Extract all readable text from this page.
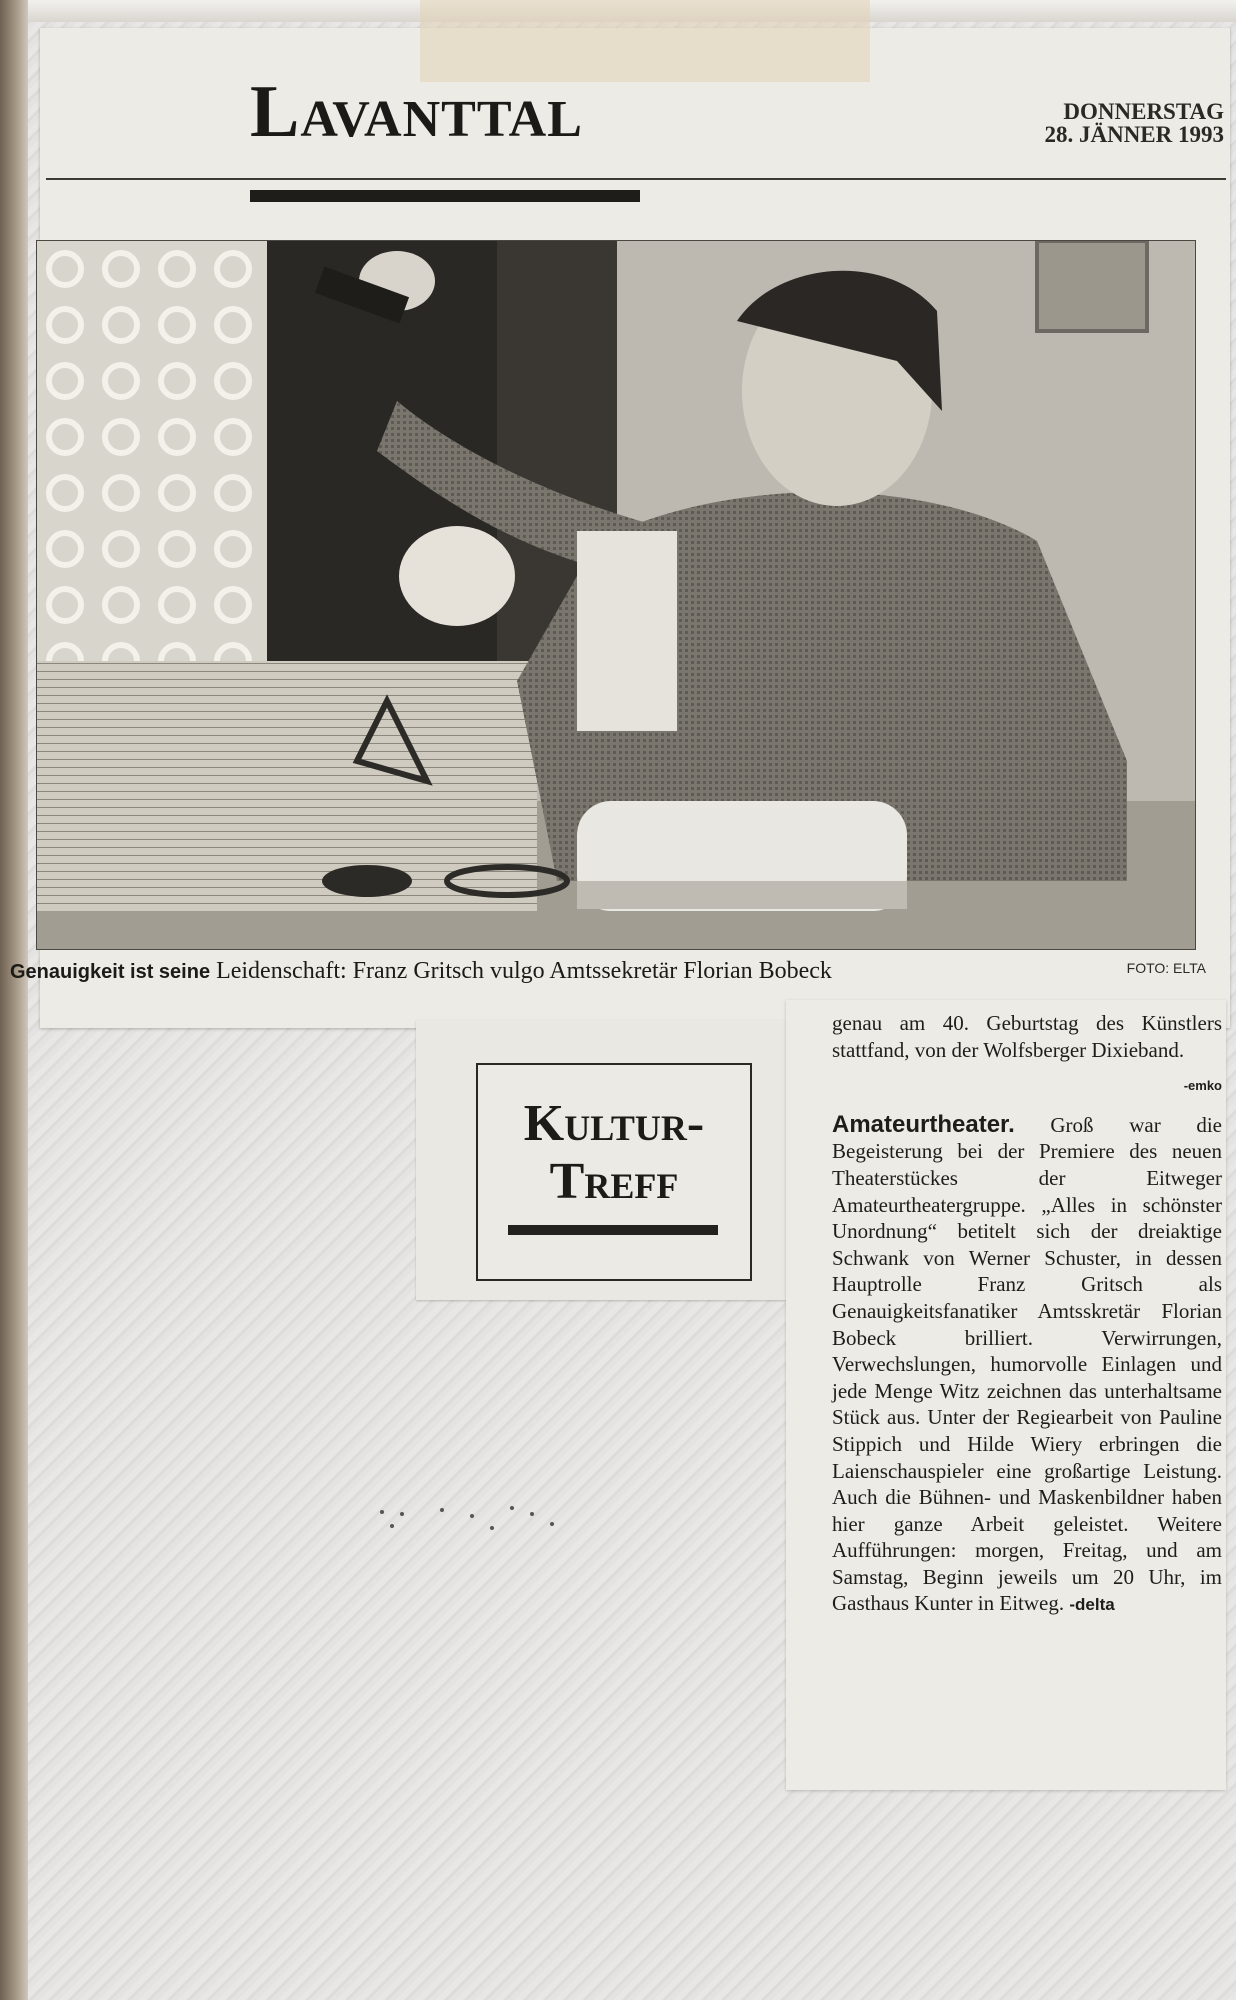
Lavanttal	DONNERSTAG
28. JÄNNER 1993
Genauigkeit ist seine Leidenschaft: Franz Gritsch vulgo Amtssekretär Florian Bobeck	FOTO: ELTA
Kultur-
Treff

genau am 40. Geburtstag des Künstlers stattfand, von der Wolfsberger Dixieband.
-emko

Amateurtheater. Groß war die Begeisterung bei der Premiere des neuen Theaterstückes der Eitweger Amateurtheatergruppe. „Alles in schönster Unordnung“ betitelt sich der dreiaktige Schwank von Werner Schuster, in dessen Hauptrolle Franz Gritsch als Genauigkeitsfanatiker Amtsskretär Florian Bobeck brilliert. Verwirrungen, Verwechslungen, humorvolle Einlagen und jede Menge Witz zeichnen das unterhaltsame Stück aus. Unter der Regiearbeit von Pauline Stippich und Hilde Wiery erbringen die Laienschauspieler eine großartige Leistung. Auch die Bühnen- und Maskenbildner haben hier ganze Arbeit geleistet. Weitere Aufführungen: morgen, Freitag, und am Samstag, Beginn jeweils um 20 Uhr, im Gasthaus Kunter in Eitweg. -delta
